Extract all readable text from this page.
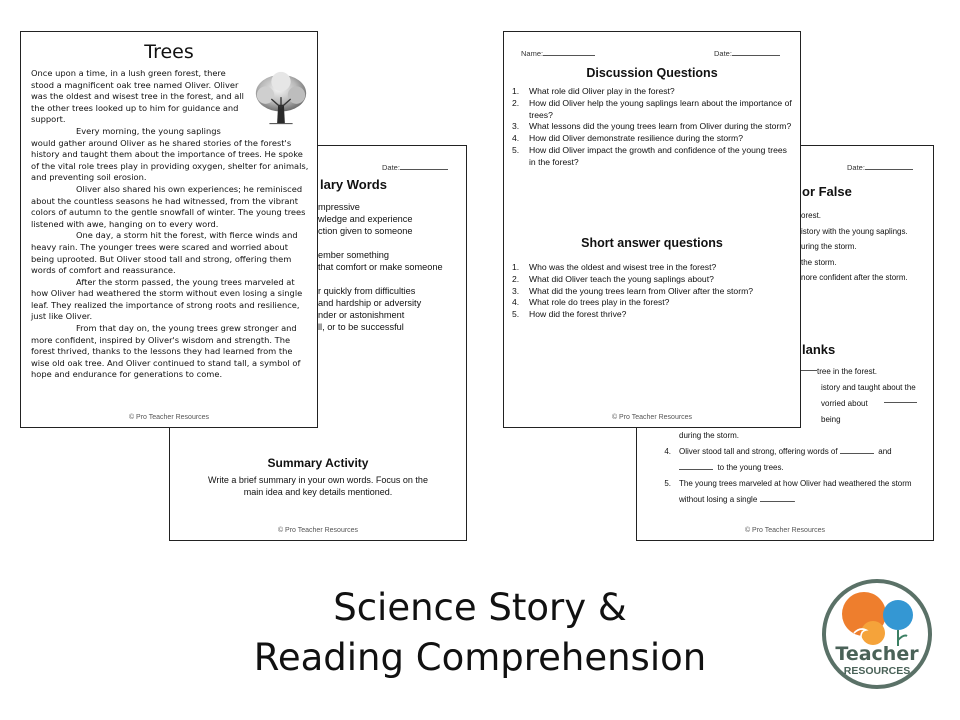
Date:
lary Words
mpressive
wledge and experience
ction given to someone
ember something
that comfort or make someone
r quickly from difficulties
and hardship or adversity
nder or astonishment
ll, or to be successful
Summary Activity
Write a brief summary in your own words. Focus on the main idea and key details mentioned.
© Pro Teacher Resources
Date:
or False
orest.
istory with the young saplings.
uring the storm.
the storm.
nore confident after the storm.
lanks
tree in the forest.
istory and taught about the
vorried about being
during the storm.
4.	Oliver stood tall and strong, offering words of	and
to the young trees.
5.	The young trees marveled at how Oliver had weathered the storm
without losing a single	.
© Pro Teacher Resources
Trees

Once upon a time, in a lush green forest, there stood a magnificent oak tree named Oliver. Oliver was the oldest and wisest tree in the forest, and all the other trees looked up to him for guidance and support.

Every morning, the young saplings would gather around Oliver as he shared stories of the forest's history and taught them about the importance of trees. He spoke of the vital role trees play in providing oxygen, shelter for animals, and preventing soil erosion.

Oliver also shared his own experiences; he reminisced about the countless seasons he had witnessed, from the vibrant colors of autumn to the gentle snowfall of winter. The young trees listened with awe, hanging on to every word.

One day, a storm hit the forest, with fierce winds and heavy rain. The younger trees were scared and worried about being uprooted. But Oliver stood tall and strong, offering them words of comfort and reassurance.

After the storm passed, the young trees marveled at how Oliver had weathered the storm without even losing a single leaf. They realized the importance of strong roots and resilience, just like Oliver.

From that day on, the young trees grew stronger and more confident, inspired by Oliver's wisdom and strength. The forest thrived, thanks to the lessons they had learned from the wise old oak tree. And Oliver continued to stand tall, a symbol of hope and endurance for generations to come.

© Pro Teacher Resources
Name:	Date:
Discussion Questions
1.	What role did Oliver play in the forest?
2.	How did Oliver help the young saplings learn about the importance of trees?
3.	What lessons did the young trees learn from Oliver during the storm?
4.	How did Oliver demonstrate resilience during the storm?
5.	How did Oliver impact the growth and confidence of the young trees in the forest?
Short answer questions
1.	Who was the oldest and wisest tree in the forest?
2.	What did Oliver teach the young saplings about?
3.	What did the young trees learn from Oliver after the storm?
4.	What role do trees play in the forest?
5.	How did the forest thrive?
© Pro Teacher Resources
Science Story &
Reading Comprehension	Teacher
RESOURCES
